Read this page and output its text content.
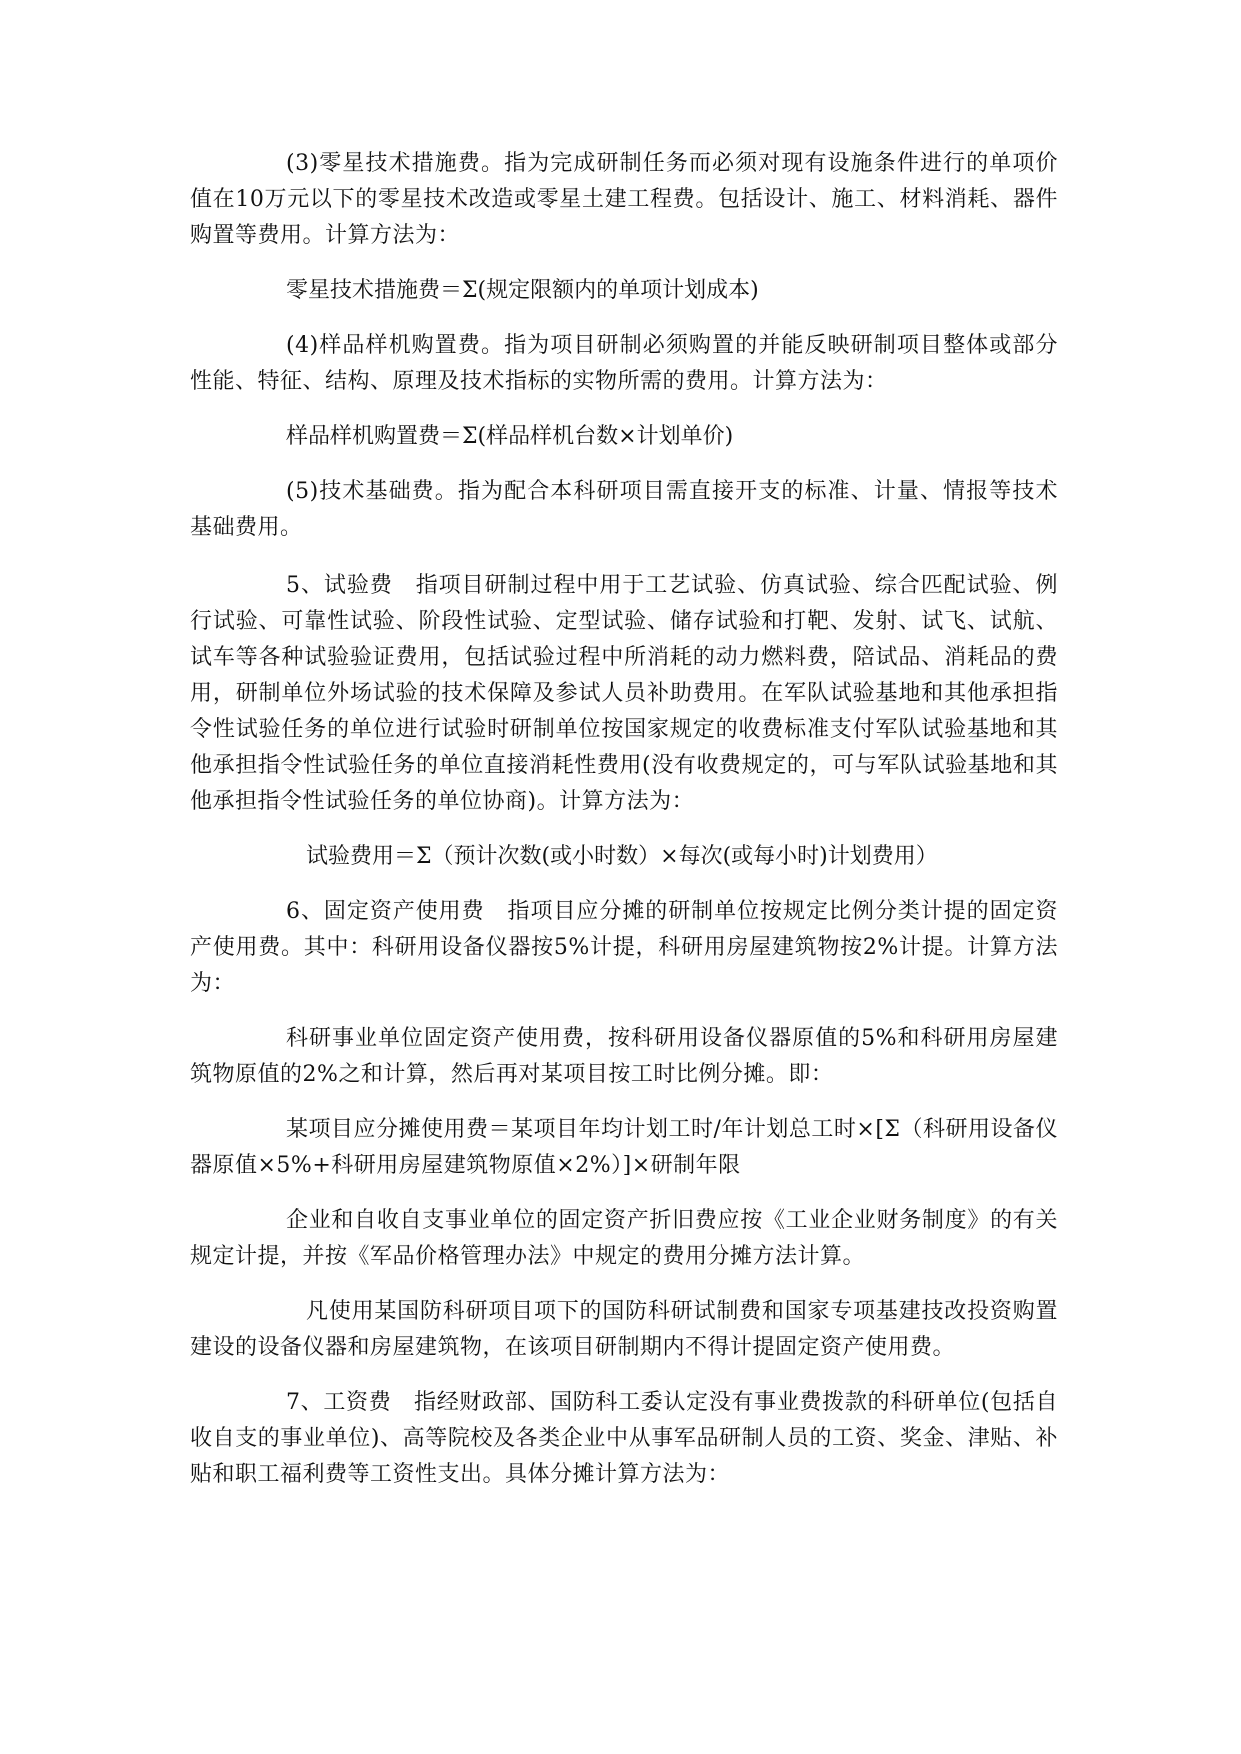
(3)零星技术措施费。指为完成研制任务而必须对现有设施条件进行的单项价值在10万元以下的零星技术改造或零星土建工程费。包括设计、施工、材料消耗、器件购置等费用。计算方法为：

零星技术措施费＝Σ(规定限额内的单项计划成本)

(4)样品样机购置费。指为项目研制必须购置的并能反映研制项目整体或部分性能、特征、结构、原理及技术指标的实物所需的费用。计算方法为：

样品样机购置费＝Σ(样品样机台数×计划单价)

(5)技术基础费。指为配合本科研项目需直接开支的标准、计量、情报等技术基础费用。

5、试验费　指项目研制过程中用于工艺试验、仿真试验、综合匹配试验、例行试验、可靠性试验、阶段性试验、定型试验、储存试验和打靶、发射、试飞、试航、试车等各种试验验证费用，包括试验过程中所消耗的动力燃料费，陪试品、消耗品的费用，研制单位外场试验的技术保障及参试人员补助费用。在军队试验基地和其他承担指令性试验任务的单位进行试验时研制单位按国家规定的收费标准支付军队试验基地和其他承担指令性试验任务的单位直接消耗性费用(没有收费规定的，可与军队试验基地和其他承担指令性试验任务的单位协商)。计算方法为：

试验费用＝Σ（预计次数(或小时数）×每次(或每小时)计划费用）

6、固定资产使用费　指项目应分摊的研制单位按规定比例分类计提的固定资产使用费。其中：科研用设备仪器按5%计提，科研用房屋建筑物按2%计提。计算方法为：

科研事业单位固定资产使用费，按科研用设备仪器原值的5%和科研用房屋建筑物原值的2%之和计算，然后再对某项目按工时比例分摊。即：

某项目应分摊使用费＝某项目年均计划工时/年计划总工时×[Σ（科研用设备仪器原值×5%+科研用房屋建筑物原值×2%）]×研制年限

企业和自收自支事业单位的固定资产折旧费应按《工业企业财务制度》的有关规定计提，并按《军品价格管理办法》中规定的费用分摊方法计算。

凡使用某国防科研项目项下的国防科研试制费和国家专项基建技改投资购置建设的设备仪器和房屋建筑物，在该项目研制期内不得计提固定资产使用费。

7、工资费　指经财政部、国防科工委认定没有事业费拨款的科研单位(包括自收自支的事业单位)、高等院校及各类企业中从事军品研制人员的工资、奖金、津贴、补贴和职工福利费等工资性支出。具体分摊计算方法为：
